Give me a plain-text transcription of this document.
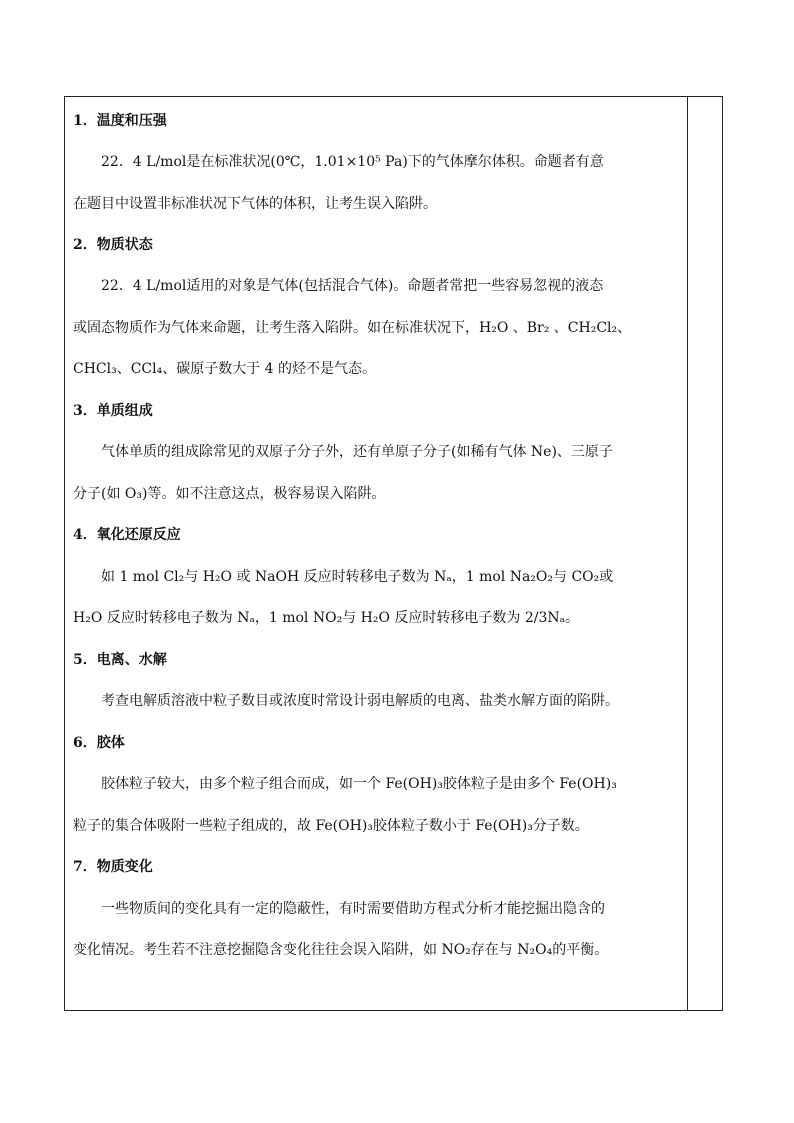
1．温度和压强
22．4 L/mol是在标准状况(0℃，1.01×10⁵ Pa)下的气体摩尔体积。命题者有意
在题目中设置非标准状况下气体的体积，让考生误入陷阱。
2．物质状态
22．4 L/mol适用的对象是气体(包括混合气体)。命题者常把一些容易忽视的液态
或固态物质作为气体来命题，让考生落入陷阱。如在标准状况下，H₂O 、Br₂ 、CH₂Cl₂、
CHCl₃、CCl₄、碳原子数大于 4 的烃不是气态。
3．单质组成
气体单质的组成除常见的双原子分子外，还有单原子分子(如稀有气体 Ne)、三原子
分子(如 O₃)等。如不注意这点，极容易误入陷阱。
4．氧化还原反应
如 1 mol Cl₂与 H₂O 或 NaOH 反应时转移电子数为 Nₐ，1 mol Na₂O₂与 CO₂或
H₂O 反应时转移电子数为 Nₐ，1 mol NO₂与 H₂O 反应时转移电子数为 2/3Nₐ。
5．电离、水解
考查电解质溶液中粒子数目或浓度时常设计弱电解质的电离、盐类水解方面的陷阱。
6．胶体
胶体粒子较大，由多个粒子组合而成，如一个 Fe(OH)₃胶体粒子是由多个 Fe(OH)₃
粒子的集合体吸附一些粒子组成的，故 Fe(OH)₃胶体粒子数小于 Fe(OH)₃分子数。
7．物质变化
一些物质间的变化具有一定的隐蔽性，有时需要借助方程式分析才能挖掘出隐含的
变化情况。考生若不注意挖掘隐含变化往往会误入陷阱，如 NO₂存在与 N₂O₄的平衡。
